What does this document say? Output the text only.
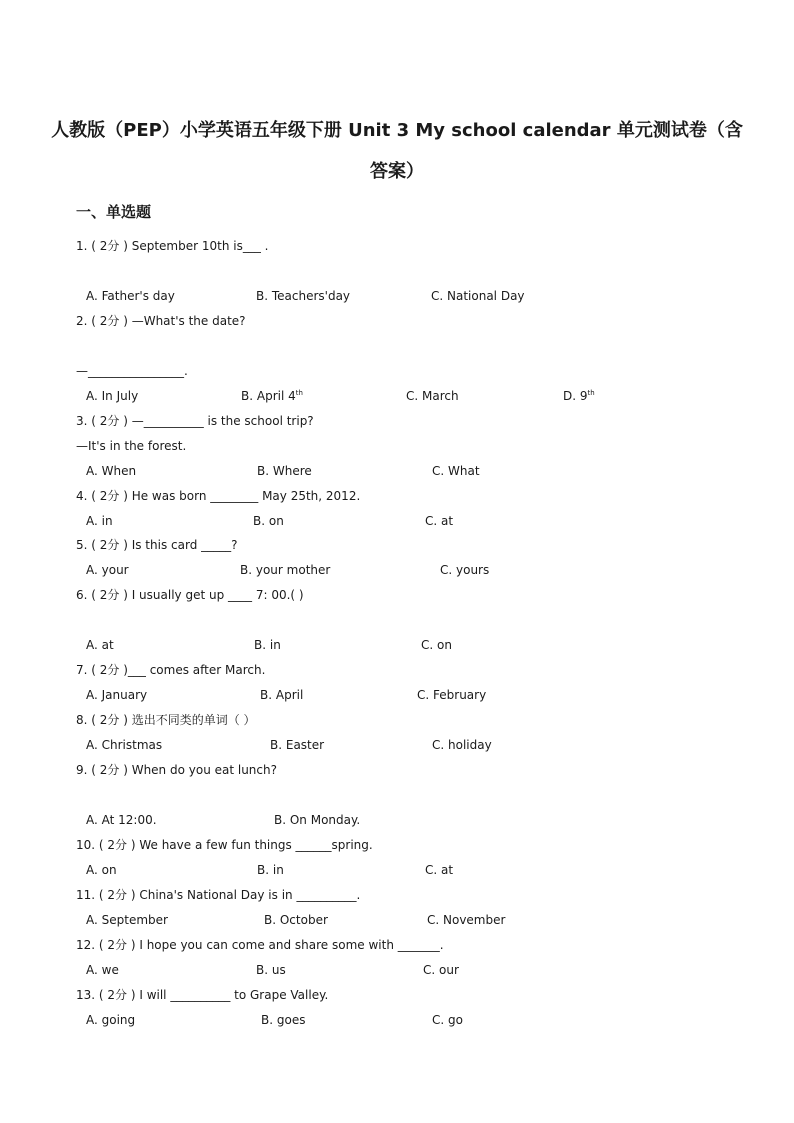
人教版（PEP）小学英语五年级下册 Unit 3 My school calendar 单元测试卷（含
答案）
一、单选题
1. ( 2分 ) September 10th is___ .
A. Father's day	B. Teachers'day	C. National Day
2. ( 2分 ) —What's the date?
—________________.
A. In July	B. April 4th	C. March	D. 9th
3. ( 2分 ) —__________ is the school trip?
—It's in the forest.
A. When	B. Where	C. What
4. ( 2分 ) He was born ________ May 25th, 2012.
A. in	B. on	C. at
5. ( 2分 ) Is this card _____?
A. your	B. your mother	C. yours
6. ( 2分 ) I usually get up ____ 7: 00.( )
A. at	B. in	C. on
7. ( 2分 )___ comes after March.
A. January	B. April	C. February
8. ( 2分 ) 选出不同类的单词（ ）
A. Christmas	B. Easter	C. holiday
9. ( 2分 ) When do you eat lunch?
A. At 12:00.	B. On Monday.
10. ( 2分 ) We have a few fun things ______spring.
A. on	B. in	C. at
11. ( 2分 ) China's National Day is in __________.
A. September	B. October	C. November
12. ( 2分 ) I hope you can come and share some with _______.
A. we	B. us	C. our
13. ( 2分 ) I will __________ to Grape Valley.
A. going	B. goes	C. go
